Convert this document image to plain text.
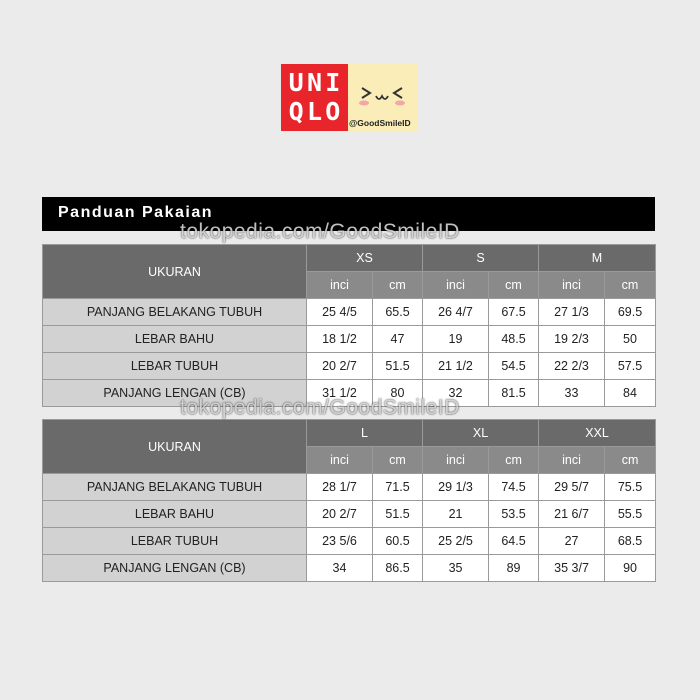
U N I
Q L O @GoodSmileID
Panduan Pakaian
UKURAN	XS		S		M	
	inci	cm	inci	cm	inci	cm
PANJANG BELAKANG TUBUH	25 4/5	65.5	26 4/7	67.5	27 1/3	69.5
LEBAR BAHU	18 1/2	47	19	48.5	19 2/3	50
LEBAR TUBUH	20 2/7	51.5	21 1/2	54.5	22 2/3	57.5
PANJANG LENGAN (CB)	31 1/2	80	32	81.5	33	84
UKURAN	L		XL		XXL	
	inci	cm	inci	cm	inci	cm
PANJANG BELAKANG TUBUH	28 1/7	71.5	29 1/3	74.5	29 5/7	75.5
LEBAR BAHU	20 2/7	51.5	21	53.5	21 6/7	55.5
LEBAR TUBUH	23 5/6	60.5	25 2/5	64.5	27	68.5
PANJANG LENGAN (CB)	34	86.5	35	89	35 3/7	90
tokopedia.com/GoodSmileID
tokopedia.com/GoodSmileID
